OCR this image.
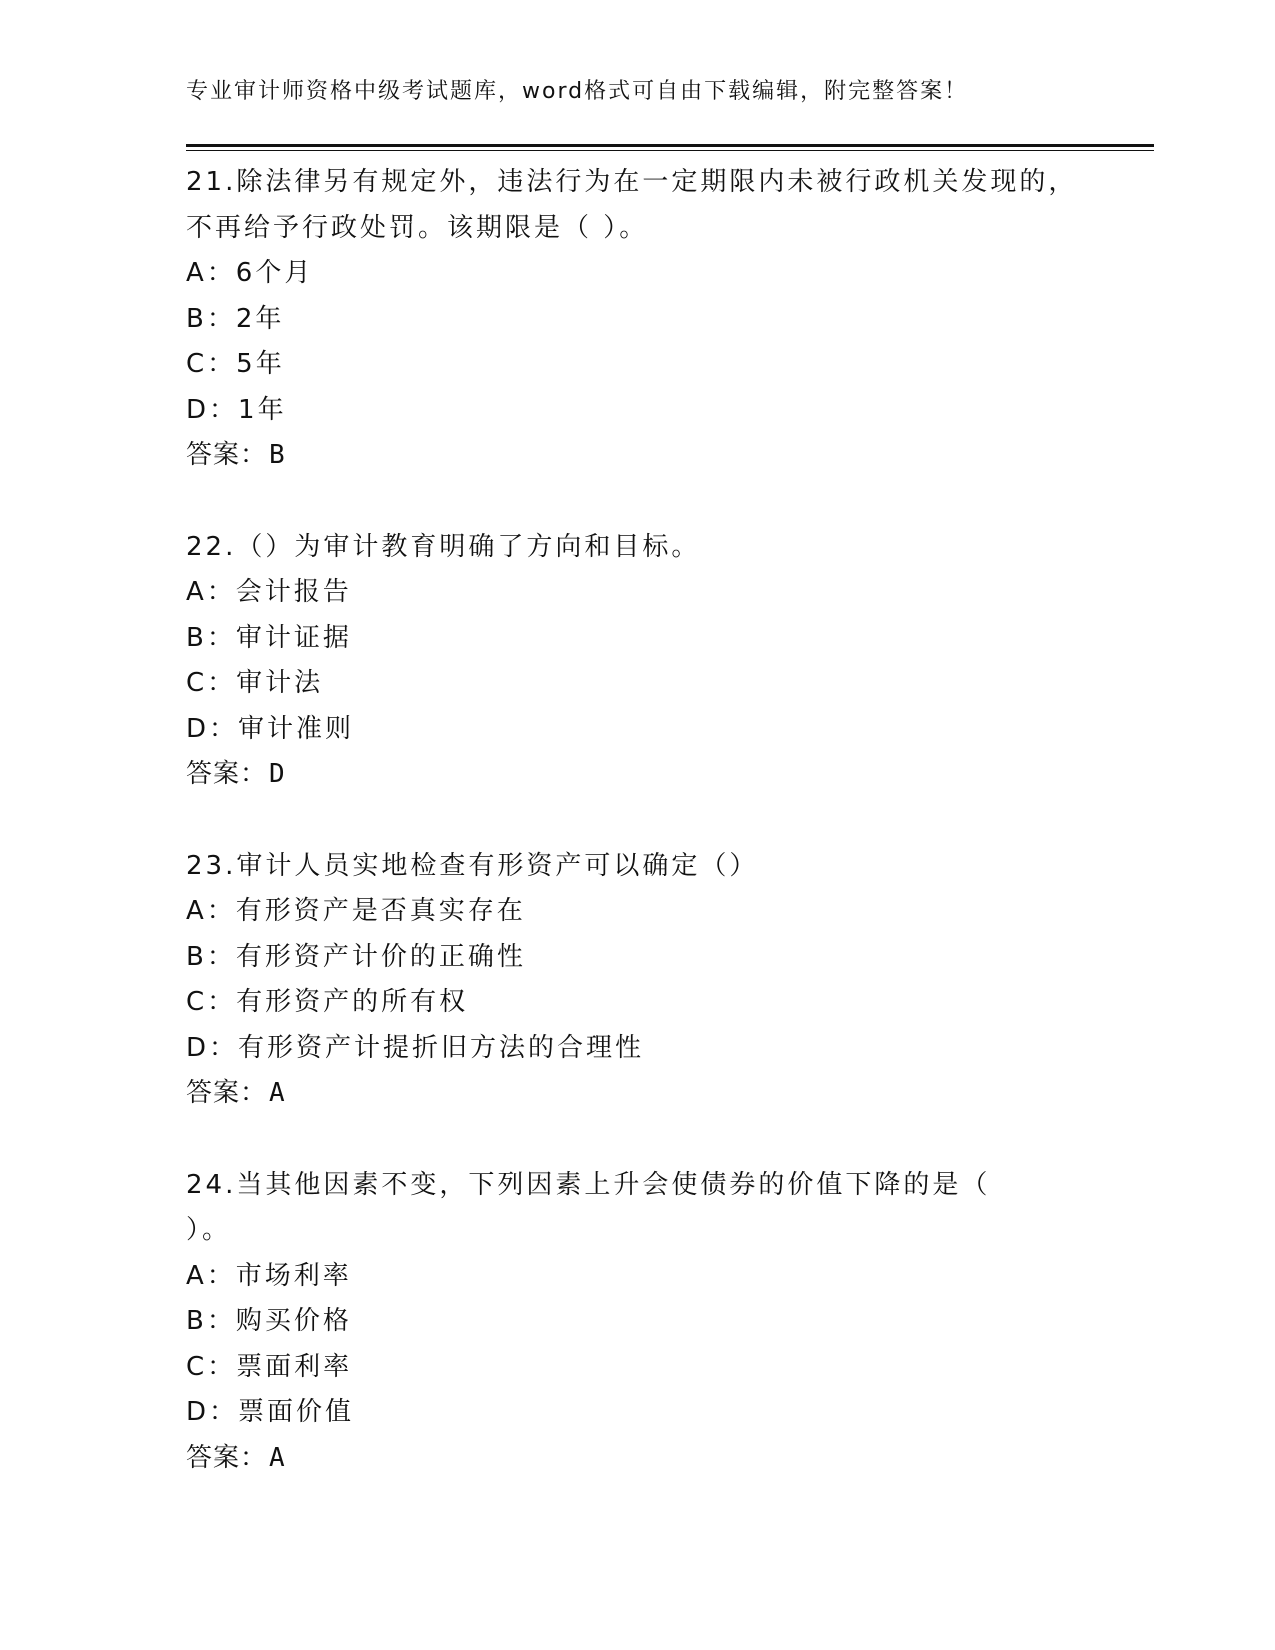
专业审计师资格中级考试题库，word格式可自由下载编辑，附完整答案！
21.除法律另有规定外，违法行为在一定期限内未被行政机关发现的，
不再给予行政处罚。该期限是（ ）。
A：6个月
B：2年
C：5年
D：1年
答案：B
22.（）为审计教育明确了方向和目标。
A：会计报告
B：审计证据
C：审计法
D：审计准则
答案：D
23.审计人员实地检查有形资产可以确定（）
A：有形资产是否真实存在
B：有形资产计价的正确性
C：有形资产的所有权
D：有形资产计提折旧方法的合理性
答案：A
24.当其他因素不变，下列因素上升会使债券的价值下降的是（
）。
A：市场利率
B：购买价格
C：票面利率
D：票面价值
答案：A
